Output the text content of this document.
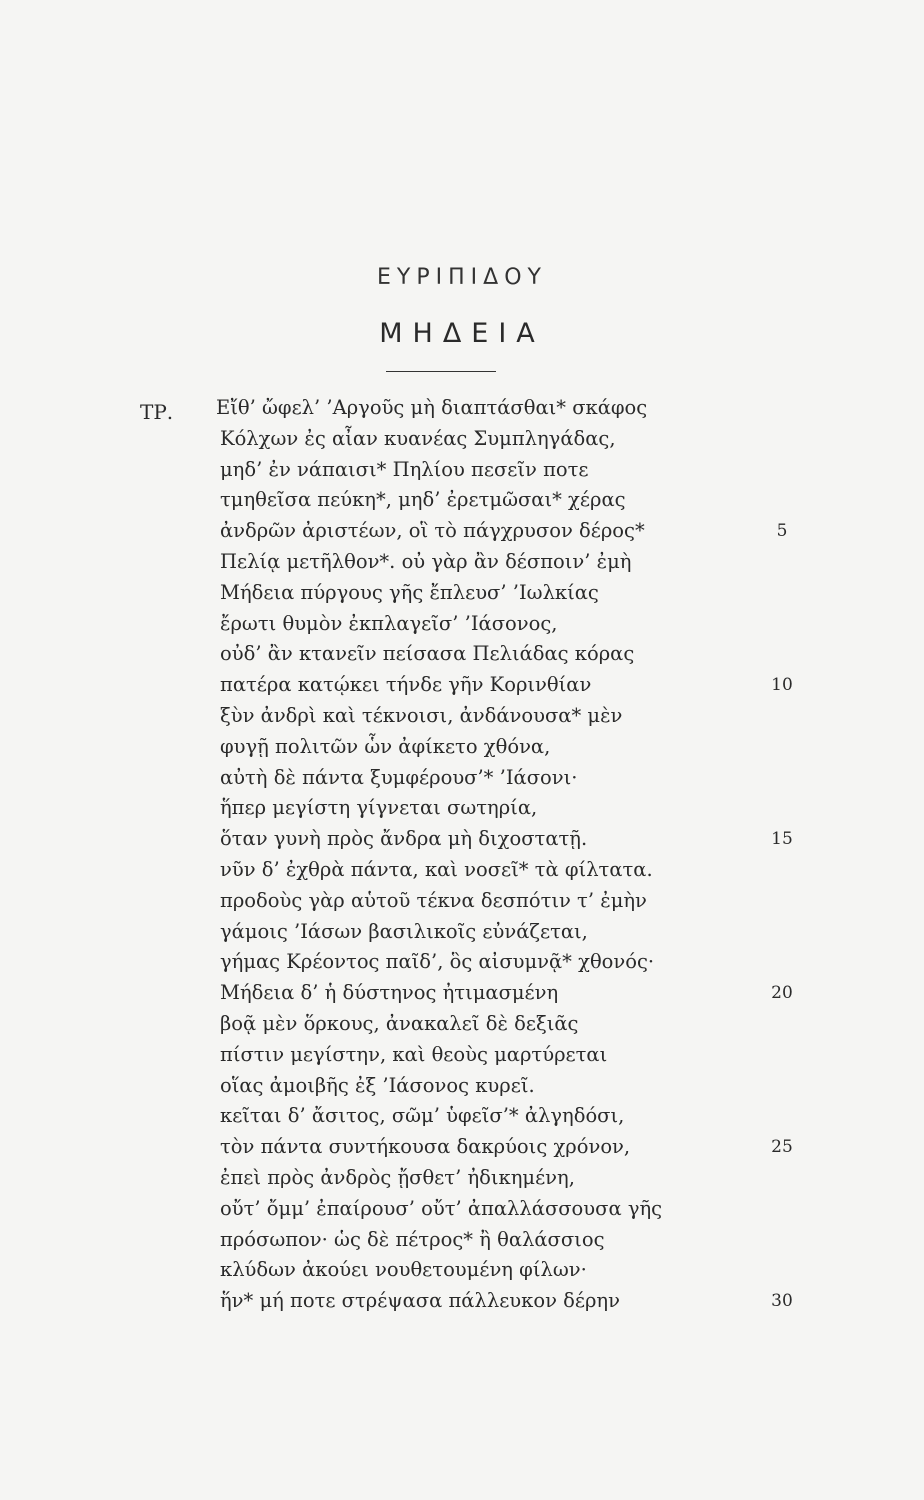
ΕΥΡΙΠΙΔΟΥ
ΜΗΔΕΙΑ
ΤΡ. Εἴθ’ ὤφελ’ ’Αργοῦς μὴ διαπτάσθαι* σκάφος
Κόλχων ἐς αἶαν κυανέας Συμπληγάδας,
μηδ’ ἐν νάπαισι* Πηλίου πεσεῖν ποτε
τμηθεῖσα πεύκη*, μηδ’ ἐρετμῶσαι* χέρας
ἀνδρῶν ἀριστέων, οἳ τὸ πάγχρυσον δέρος*
Πελίᾳ μετῆλθον*. οὐ γὰρ ἂν δέσποιν’ ἐμὴ
Μήδεια πύργους γῆς ἔπλευσ’ ’Ιωλκίας
ἔρωτι θυμὸν ἐκπλαγεῖσ’ ’Ιάσονος,
οὐδ’ ἂν κτανεῖν πείσασα Πελιάδας κόρας
πατέρα κατῴκει τήνδε γῆν Κορινθίαν
ξὺν ἀνδρὶ καὶ τέκνοισι, ἀνδάνουσα* μὲν
φυγῇ πολιτῶν ὧν ἀφίκετο χθόνα,
αὐτὴ δὲ πάντα ξυμφέρουσ’* ’Ιάσονι·
ἥπερ μεγίστη γίγνεται σωτηρία,
ὅταν γυνὴ πρὸς ἄνδρα μὴ διχοστατῇ.
νῦν δ’ ἐχθρὰ πάντα, καὶ νοσεῖ* τὰ φίλτατα.
προδοὺς γὰρ αὑτοῦ τέκνα δεσπότιν τ’ ἐμὴν
γάμοις ’Ιάσων βασιλικοῖς εὐνάζεται,
γήμας Κρέοντος παῖδ’, ὃς αἰσυμνᾷ* χθονός·
Μήδεια δ’ ἡ δύστηνος ἠτιμασμένη
βοᾷ μὲν ὅρκους, ἀνακαλεῖ δὲ δεξιᾶς
πίστιν μεγίστην, καὶ θεοὺς μαρτύρεται
οἵας ἀμοιβῆς ἐξ ’Ιάσονος κυρεῖ.
κεῖται δ’ ἄσιτος, σῶμ’ ὑφεῖσ’* ἀλγηδόσι,
τὸν πάντα συντήκουσα δακρύοις χρόνον,
ἐπεὶ πρὸς ἀνδρὸς ᾔσθετ’ ἠδικημένη,
οὔτ’ ὄμμ’ ἐπαίρουσ’ οὔτ’ ἀπαλλάσσουσα γῆς
πρόσωπον· ὡς δὲ πέτρος* ἢ θαλάσσιος
κλύδων ἀκούει νουθετουμένη φίλων·
ἥν* μή ποτε στρέψασα πάλλευκον δέρην
5
10
15
20
25
30
